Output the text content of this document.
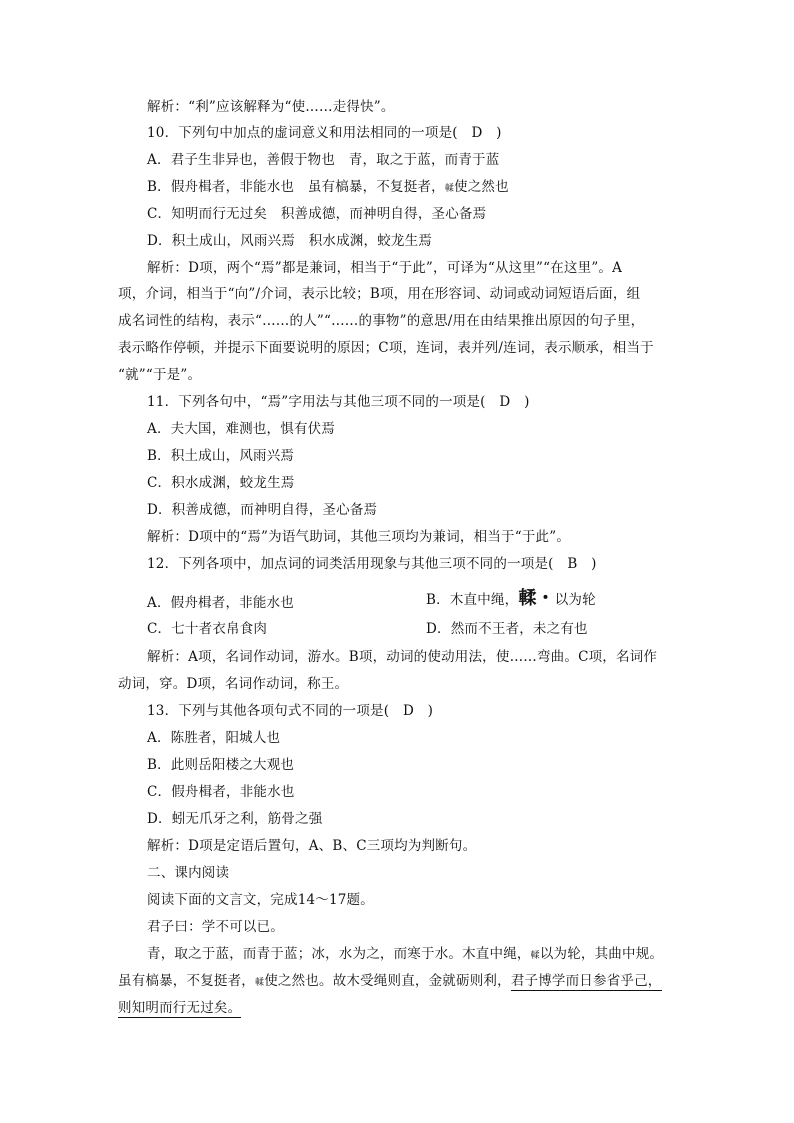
解析：“利”应该解释为“使……走得快”。
10．下列句中加点的虚词意义和用法相同的一项是(　D　)
A．君子生非异也，善假于物也　青，取之于蓝，而青于蓝
B．假舟楫者，非能水也　虽有槁暴，不复挺者，輮使之然也
C．知明而行无过矣　积善成德，而神明自得，圣心备焉
D．积土成山，风雨兴焉　积水成渊，蛟龙生焉
解析：D项，两个“焉”都是兼词，相当于“于此”，可译为“从这里”“在这里”。A
项，介词，相当于“向”/介词，表示比较；B项，用在形容词、动词或动词短语后面，组
成名词性的结构，表示“……的人”“……的事物”的意思/用在由结果推出原因的句子里，
表示略作停顿，并提示下面要说明的原因；C项，连词，表并列/连词，表示顺承，相当于
“就”“于是”。
11．下列各句中，“焉”字用法与其他三项不同的一项是(　D　)
A．夫大国，难测也，惧有伏焉
B．积土成山，风雨兴焉
C．积水成渊，蛟龙生焉
D．积善成德，而神明自得，圣心备焉
解析：D项中的“焉”为语气助词，其他三项均为兼词，相当于“于此”。
12．下列各项中，加点词的词类活用现象与其他三项不同的一项是(　B　)
A．假舟楫者，非能水也	B．木直中绳，輮・以为轮
C．七十者衣帛食肉	D．然而不王者，未之有也
解析：A项，名词作动词，游水。B项，动词的使动用法，使……弯曲。C项，名词作
动词，穿。D项，名词作动词，称王。
13．下列与其他各项句式不同的一项是(　D　)
A．陈胜者，阳城人也
B．此则岳阳楼之大观也
C．假舟楫者，非能水也
D．蚓无爪牙之利，筋骨之强
解析：D项是定语后置句，A、B、C三项均为判断句。
二、课内阅读
阅读下面的文言文，完成14～17题。
君子曰：学不可以已。
青，取之于蓝，而青于蓝；冰，水为之，而寒于水。木直中绳，輮以为轮，其曲中规。
虽有槁暴，不复挺者，輮使之然也。故木受绳则直，金就砺则利，君子博学而日参省乎己，
则知明而行无过矣。
